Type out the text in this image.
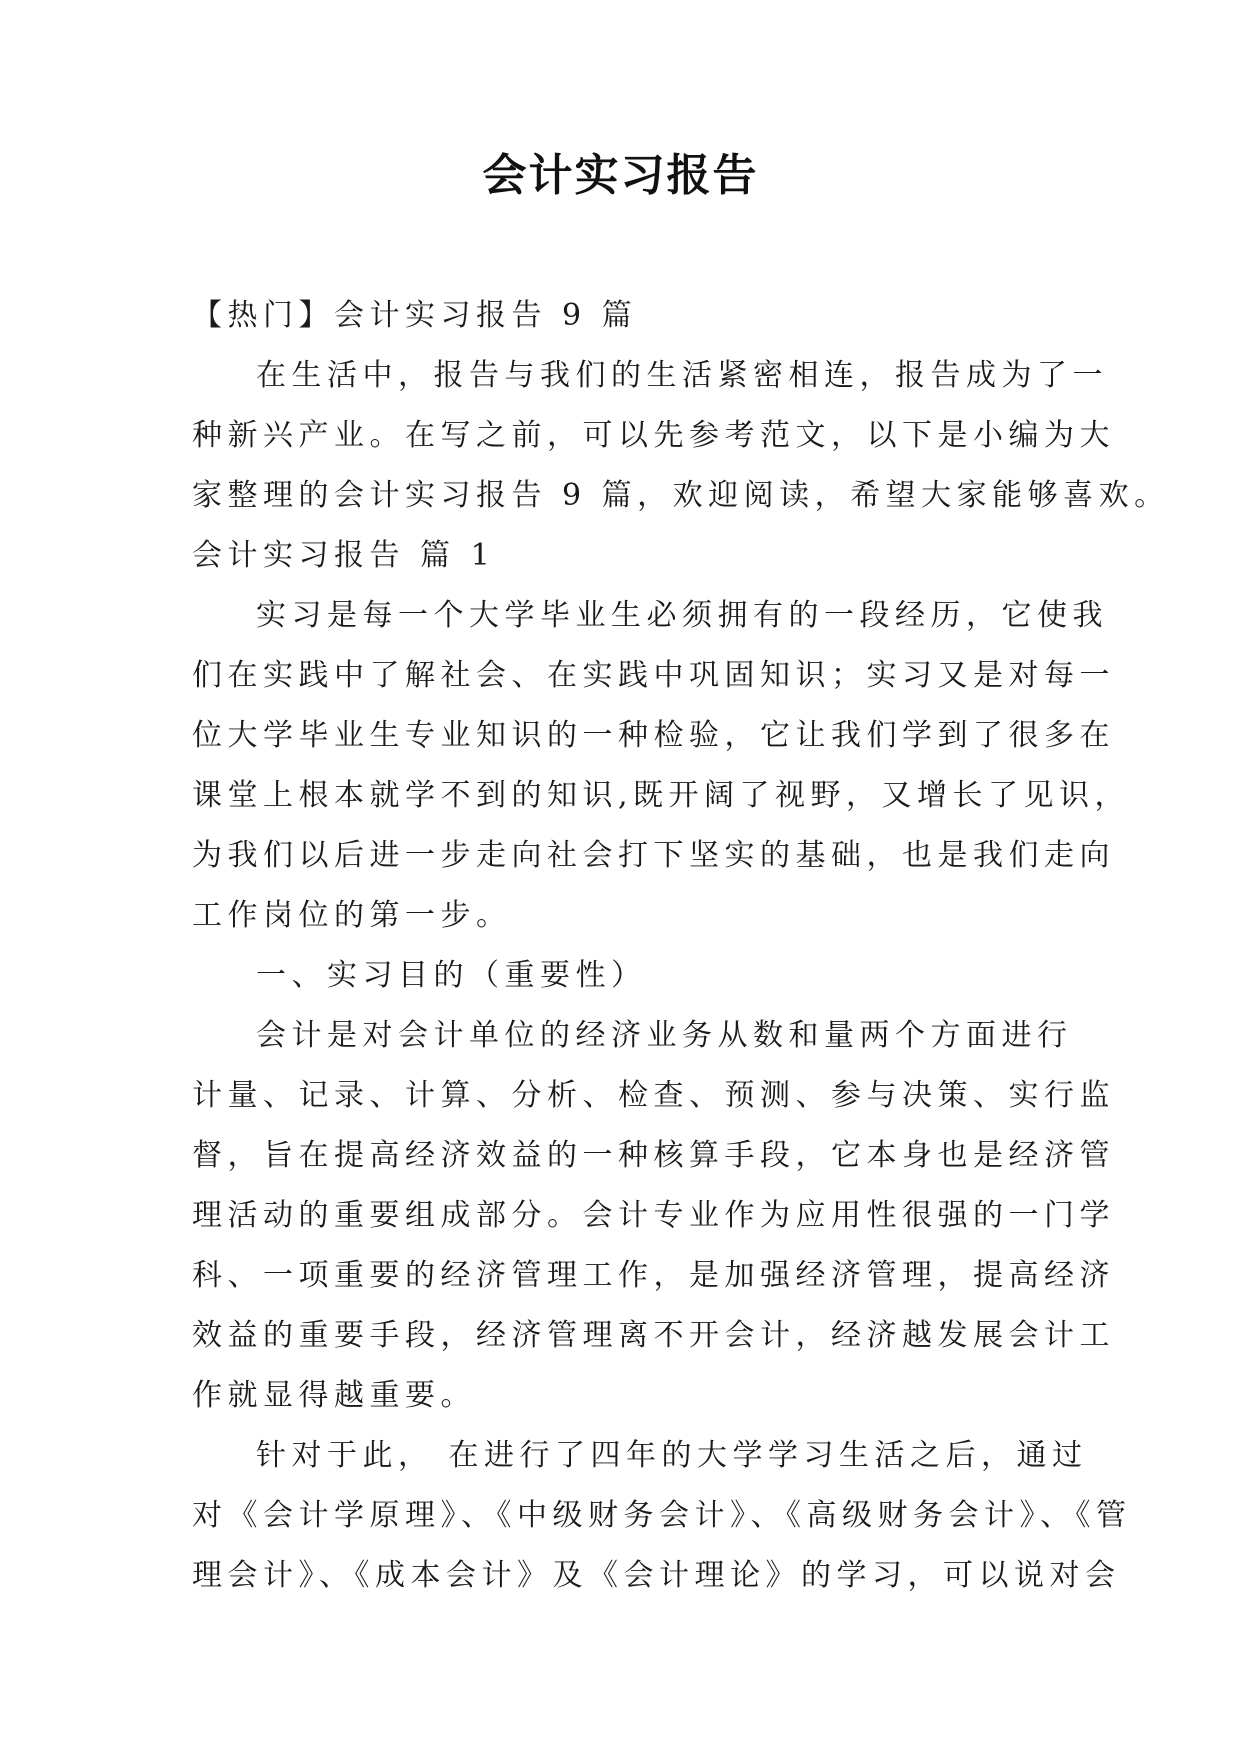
会计实习报告

【热门】会计实习报告 9 篇

在生活中，报告与我们的生活紧密相连，报告成为了一

种新兴产业。在写之前，可以先参考范文，以下是小编为大

家整理的会计实习报告 9 篇，欢迎阅读，希望大家能够喜欢。

会计实习报告 篇 1

实习是每一个大学毕业生必须拥有的一段经历，它使我

们在实践中了解社会、在实践中巩固知识；实习又是对每一

位大学毕业生专业知识的一种检验，它让我们学到了很多在

课堂上根本就学不到的知识,既开阔了视野，又增长了见识，

为我们以后进一步走向社会打下坚实的基础，也是我们走向

工作岗位的第一步。

一、实习目的（重要性）

会计是对会计单位的经济业务从数和量两个方面进行

计量、记录、计算、分析、检查、预测、参与决策、实行监

督，旨在提高经济效益的一种核算手段，它本身也是经济管

理活动的重要组成部分。会计专业作为应用性很强的一门学

科、一项重要的经济管理工作，是加强经济管理，提高经济

效益的重要手段，经济管理离不开会计，经济越发展会计工

作就显得越重要。

针对于此， 在进行了四年的大学学习生活之后，通过

对《会计学原理》、《中级财务会计》、《高级财务会计》、《管

理会计》、《成本会计》及《会计理论》的学习，可以说对会
